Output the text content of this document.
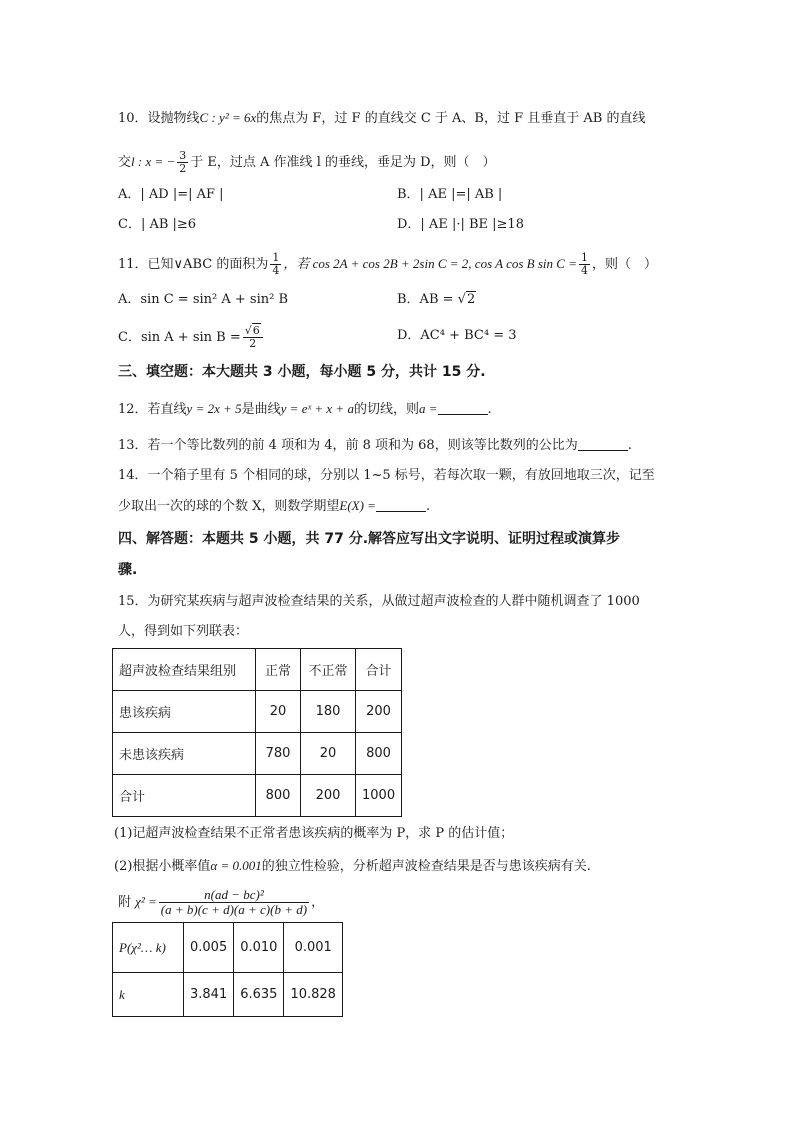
10．设抛物线C : y² = 6x的焦点为 F，过 F 的直线交 C 于 A、B，过 F 且垂直于 AB 的直线
交l : x = − $\frac{3}{2}$ 于 E，过点 A 作准线 l 的垂线，垂足为 D，则（　）
A．| AD |=| AF |	B．| AE |=| AB |
C．| AB |≥6	D．| AE |·| BE |≥18
11．已知∨ABC 的面积为 $\frac{1}{4}$ ，若 cos 2A + cos 2B + 2sin C = 2, cos A cos B $\sin C = \frac{1}{4}$ ，则（　）
A．sin C = sin² A + sin² B	B．AB = √2
C．$\sin A + \sin B = \frac{√6}{2}$	D．AC⁴ + BC⁴ = 3
三、填空题：本大题共 3 小题，每小题 5 分，共计 15 分.
12．若直线y = 2x + 5是曲线y = eˣ + x + a的切线，则a =	.
13．若一个等比数列的前 4 项和为 4，前 8 项和为 68，则该等比数列的公比为	.
14．一个箱子里有 5 个相同的球，分别以 1~5 标号，若每次取一颗，有放回地取三次，记至
少取出一次的球的个数 X，则数学期望E(X) =	.
四、解答题：本题共 5 小题，共 77 分.解答应写出文字说明、证明过程或演算步
骤.
15．为研究某疾病与超声波检查结果的关系，从做过超声波检查的人群中随机调查了 1000
人，得到如下列联表：
超声波检查结果组别	正常	不正常	合计
患该疾病	20	180	200
未患该疾病	780	20	800
合计	800	200	1000
(1)记超声波检查结果不正常者患该疾病的概率为 P，求 P 的估计值；
(2)根据小概率值α = 0.001的独立性检验，分析超声波检查结果是否与患该疾病有关.
附 $\chi^2 = \frac{\text{n(ad − bc)²}}{(a + b)(c + d)(a + c)(b + d)}$ ，
P(χ²… k)	0.005	0.010	0.001
k	3.841	6.635	10.828
